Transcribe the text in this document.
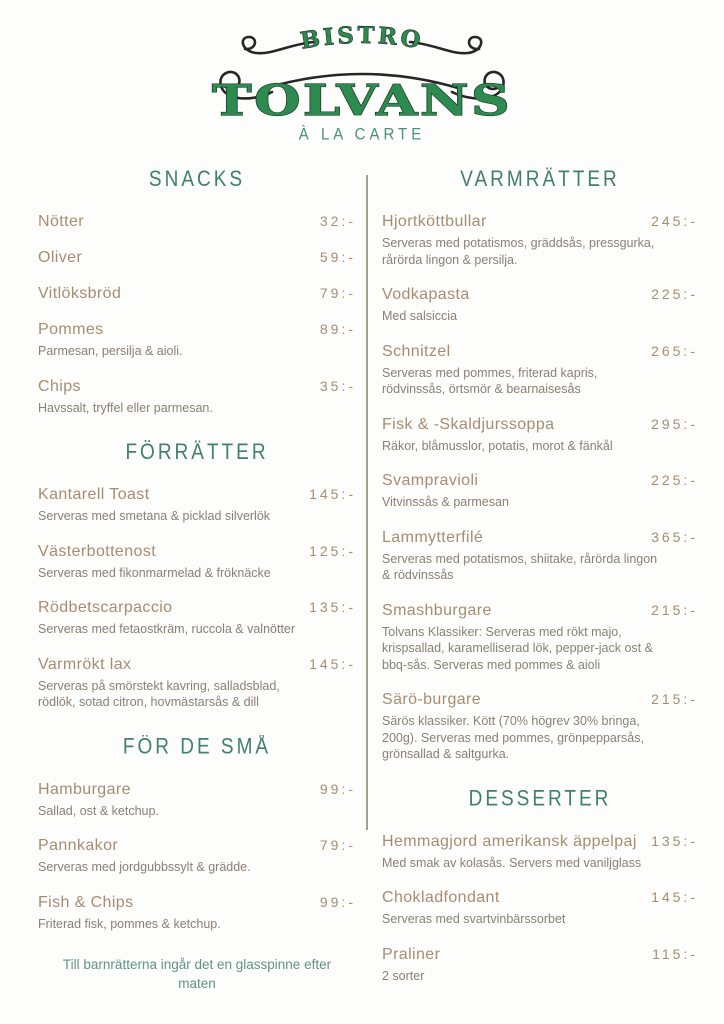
BISTRO
TOLVANS
À LA CARTE
SNACKS
Nötter	32:-
Oliver	59:-
Vitlöksbröd	79:-
Pommes	89:-

Parmesan, persilja & aioli.

Chips	35:-

Havssalt, tryffel eller parmesan.

FÖRRÄTTER
Kantarell Toast	145:-

Serveras med smetana & picklad silverlök

Västerbottenost	125:-

Serveras med fikonmarmelad & fröknäcke

Rödbetscarpaccio	135:-

Serveras med fetaostkräm, ruccola & valnötter

Varmrökt lax	145:-

Serveras på smörstekt kavring, salladsblad, rödlök, sotad citron, hovmästarsås & dill

FÖR DE SMÅ
Hamburgare	99:-

Sallad, ost & ketchup.

Pannkakor	79:-

Serveras med jordgubbssylt & grädde.

Fish & Chips	99:-

Friterad fisk, pommes & ketchup.

Till barnrätterna ingår det en glasspinne efter maten
VARMRÄTTER
Hjortköttbullar	245:-

Serveras med potatismos, gräddsås, pressgurka, rårörda lingon & persilja.

Vodkapasta	225:-

Med salsiccia

Schnitzel	265:-

Serveras med pommes, friterad kapris, rödvinssås, örtsmör & bearnaisesås

Fisk & -Skaldjurssoppa	295:-

Räkor, blåmusslor, potatis, morot & fänkål

Svampravioli	225:-

Vitvinssås & parmesan

Lammytterfilé	365:-

Serveras med potatismos, shiitake, rårörda lingon & rödvinssås

Smashburgare	215:-

Tolvans Klassiker: Serveras med rökt majo, krispsallad, karamelliserad lök, pepper-jack ost & bbq-sås. Serveras med pommes & aioli

Särö-burgare	215:-

Särös klassiker. Kött (70% högrev 30% bringa, 200g). Serveras med pommes, grönpepparsås, grönsallad & saltgurka.

DESSERTER
Hemmagjord amerikansk äppelpaj 135:-

Med smak av kolasås. Servers med vaniljglass

Chokladfondant	145:-

Serveras med svartvinbärssorbet

Praliner	115:-

2 sorter
